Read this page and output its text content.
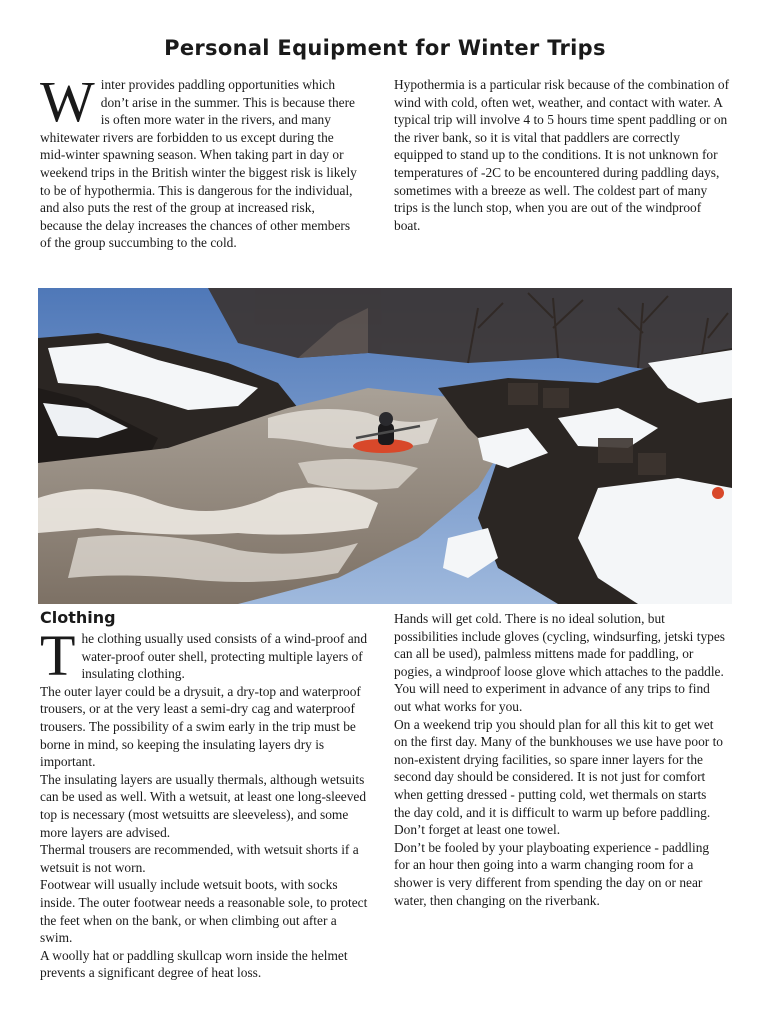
Personal Equipment for Winter Trips

Winter provides paddling opportunities which don’t arise in the summer. This is because there is often more water in the rivers, and many whitewater rivers are forbidden to us except during the mid-winter spawning season. When taking part in day or weekend trips in the British winter the biggest risk is likely to be of hypothermia. This is dangerous for the individual, and also puts the rest of the group at increased risk, because the delay increases the chances of other members of the group succumbing to the cold.

Hypothermia is a particular risk because of the combination of wind with cold, often wet, weather, and contact with water. A typical trip will involve 4 to 5 hours time spent paddling or on the river bank, so it is vital that paddlers are correctly equipped to stand up to the conditions. It is not unknown for temperatures of -2C to be encountered during paddling days, sometimes with a breeze as well. The coldest part of many trips is the lunch stop, when you are out of the windproof boat.

Clothing

The clothing usually used consists of a wind-proof and water-proof outer shell, protecting multiple layers of insulating clothing.

The outer layer could be a drysuit, a dry-top and waterproof trousers, or at the very least a semi-dry cag and waterproof trousers. The possibility of a swim early in the trip must be borne in mind, so keeping the insulating layers dry is important.

The insulating layers are usually thermals, although wetsuits can be used as well. With a wetsuit, at least one long-sleeved top is necessary (most wetsuitts are sleeveless), and some more layers are advised.

Thermal trousers are recommended, with wetsuit shorts if a wetsuit is not worn.

Footwear will usually include wetsuit boots, with socks inside. The outer footwear needs a reasonable sole, to protect the feet when on the bank, or when climbing out after a swim.

A woolly hat or paddling skullcap worn inside the helmet prevents a significant degree of heat loss.

Hands will get cold. There is no ideal solution, but possibilities include gloves (cycling, windsurfing, jetski types can all be used), palmless mittens made for paddling, or pogies, a windproof loose glove which attaches to the paddle. You will need to experiment in advance of any trips to find out what works for you.

On a weekend trip you should plan for all this kit to get wet on the first day. Many of the bunkhouses we use have poor to non-existent drying facilities, so spare inner layers for the second day should be considered. It is not just for comfort when getting dressed - putting cold, wet thermals on starts the day cold, and it is difficult to warm up before paddling. Don’t forget at least one towel.

Don’t be fooled by your playboating experience - paddling for an hour then going into a warm changing room for a shower is very different from spending the day on or near water, then changing on the riverbank.
